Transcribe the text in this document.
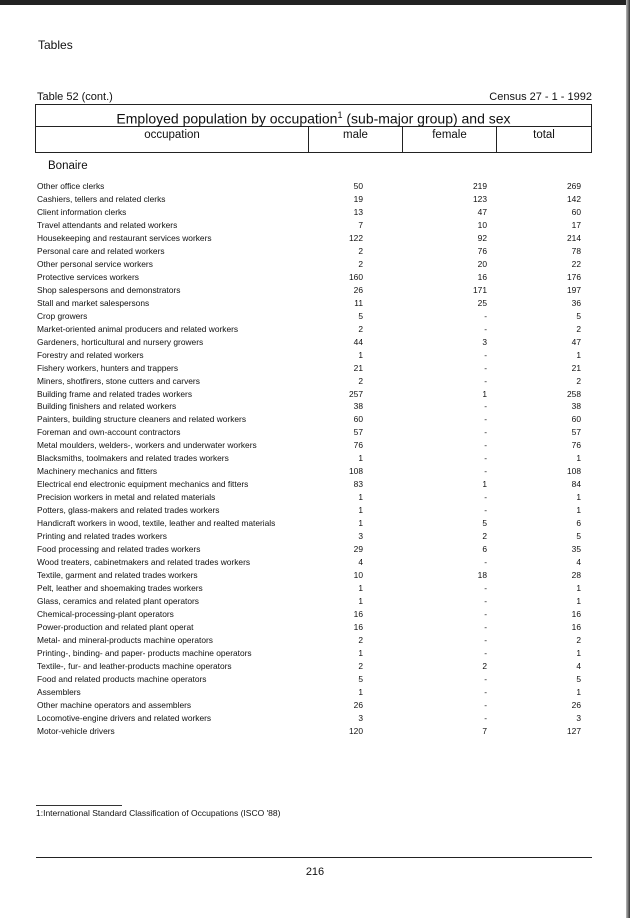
Tables
Table 52 (cont.)	Census 27 - 1 - 1992
Employed population by occupation$^1$ (sub-major group) and sex
occupation	male	female	total
Bonaire
Other office clerks	50	219	269
Cashiers, tellers and related clerks	19	123	142
Client information clerks	13	47	60
Travel attendants and related workers	7	10	17
Housekeeping and restaurant services workers	122	92	214
Personal care and related workers	2	76	78
Other personal service workers	2	20	22
Protective services workers	160	16	176
Shop salespersons and demonstrators	26	171	197
Stall and market salespersons	11	25	36
Crop growers	5	-	5
Market-oriented animal producers and related workers	2	-	2
Gardeners, horticultural and nursery growers	44	3	47
Forestry and related workers	1	-	1
Fishery workers, hunters and trappers	21	-	21
Miners, shotfirers, stone cutters and carvers	2	-	2
Building frame and related trades workers	257	1	258
Building finishers and related workers	38	-	38
Painters, building structure cleaners and related workers	60	-	60
Foreman and own-account contractors	57	-	57
Metal moulders, welders-, workers and underwater workers	76	-	76
Blacksmiths, toolmakers and related trades workers	1	-	1
Machinery mechanics and fitters	108	-	108
Electrical end electronic equipment mechanics and fitters	83	1	84
Precision workers in metal and related materials	1	-	1
Potters, glass-makers and related trades workers	1	-	1
Handicraft workers in wood, textile, leather and realted materials	1	5	6
Printing and related trades workers	3	2	5
Food processing and related trades workers	29	6	35
Wood treaters, cabinetmakers and related trades workers	4	-	4
Textile, garment and related trades workers	10	18	28
Pelt, leather and shoemaking trades workers	1	-	1
Glass, ceramics and related plant operators	1	-	1
Chemical-processing-plant operators	16	-	16
Power-production and related plant operat	16	-	16
Metal- and mineral-products machine operators	2	-	2
Printing-, binding- and paper- products machine operators	1	-	1
Textile-, fur- and leather-products machine operators	2	2	4
Food and related products machine operators	5	-	5
Assemblers	1	-	1
Other machine operators and assemblers	26	-	26
Locomotive-engine drivers and related workers	3	-	3
Motor-vehicle drivers	120	7	127
1:International Standard Classification of Occupations (ISCO '88)
216
